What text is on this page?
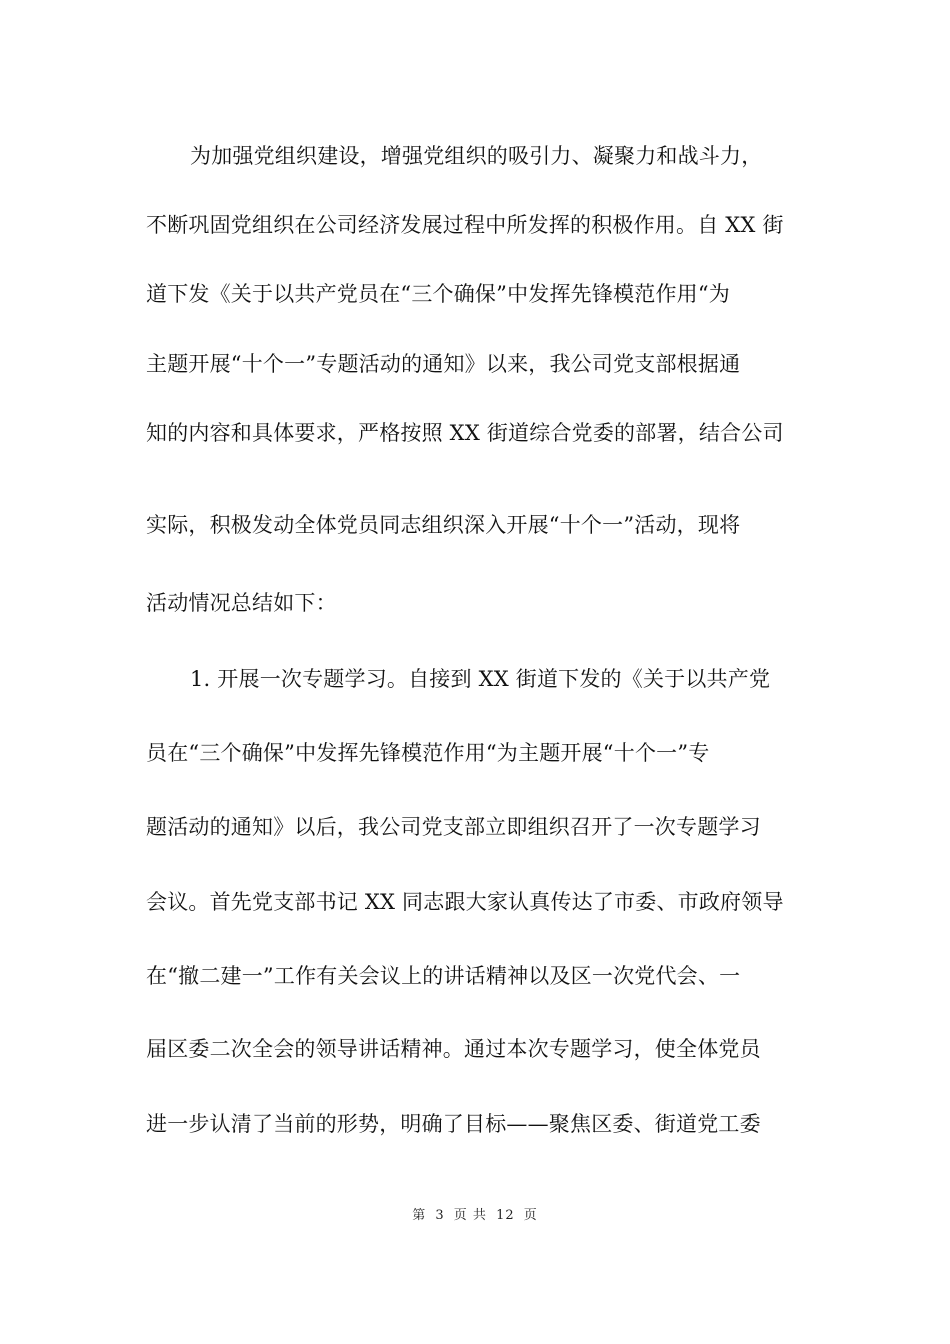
为加强党组织建设，增强党组织的吸引力、凝聚力和战斗力，
不断巩固党组织在公司经济发展过程中所发挥的积极作用。自 XX 街
道下发《关于以共产党员在“三个确保”中发挥先锋模范作用“为
主题开展“十个一”专题活动的通知》以来，我公司党支部根据通
知的内容和具体要求，严格按照 XX 街道综合党委的部署，结合公司
实际，积极发动全体党员同志组织深入开展“十个一”活动，现将
活动情况总结如下：
1. 开展一次专题学习。自接到 XX 街道下发的《关于以共产党
员在“三个确保”中发挥先锋模范作用“为主题开展“十个一”专
题活动的通知》以后，我公司党支部立即组织召开了一次专题学习
会议。首先党支部书记 XX 同志跟大家认真传达了市委、市政府领导
在“撤二建一”工作有关会议上的讲话精神以及区一次党代会、一
届区委二次全会的领导讲话精神。通过本次专题学习，使全体党员
进一步认清了当前的形势，明确了目标——聚焦区委、街道党工委
第 3 页 共 12 页
